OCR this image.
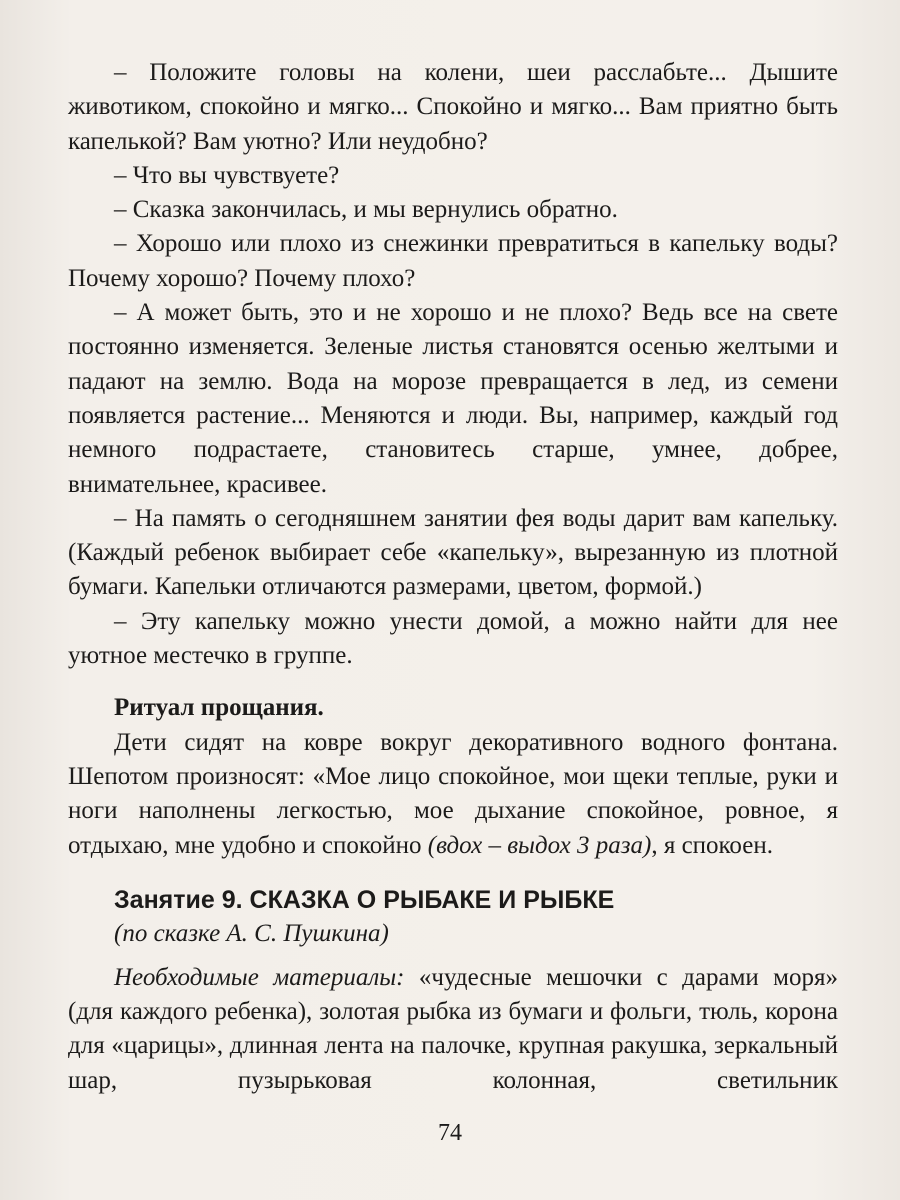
– Положите головы на колени, шеи расслабьте... Дышите животиком, спокойно и мягко... Спокойно и мягко... Вам приятно быть капелькой? Вам уютно? Или неудобно?

– Что вы чувствуете?

– Сказка закончилась, и мы вернулись обратно.

– Хорошо или плохо из снежинки превратиться в капельку воды? Почему хорошо? Почему плохо?

– А может быть, это и не хорошо и не плохо? Ведь все на свете постоянно изменяется. Зеленые листья становятся осенью желтыми и падают на землю. Вода на морозе превращается в лед, из семени появляется растение... Меняются и люди. Вы, например, каждый год немного подрастаете, становитесь старше, умнее, добрее, внимательнее, красивее.

– На память о сегодняшнем занятии фея воды дарит вам капельку. (Каждый ребенок выбирает себе «капельку», вырезанную из плотной бумаги. Капельки отличаются размерами, цветом, формой.)

– Эту капельку можно унести домой, а можно найти для нее уютное местечко в группе.

Ритуал прощания.

Дети сидят на ковре вокруг декоративного водного фонтана. Шепотом произносят: «Мое лицо спокойное, мои щеки теплые, руки и ноги наполнены легкостью, мое дыхание спокойное, ровное, я отдыхаю, мне удобно и спокойно (вдох – выдох 3 раза), я спокоен.

Занятие 9. СКАЗКА О РЫБАКЕ И РЫБКЕ

(по сказке А. С. Пушкина)

Необходимые материалы: «чудесные мешочки с дарами моря» (для каждого ребенка), золотая рыбка из бумаги и фольги, тюль, корона для «царицы», длинная лента на палочке, крупная ракушка, зеркальный шар, пузырьковая колонная, светильник

74
